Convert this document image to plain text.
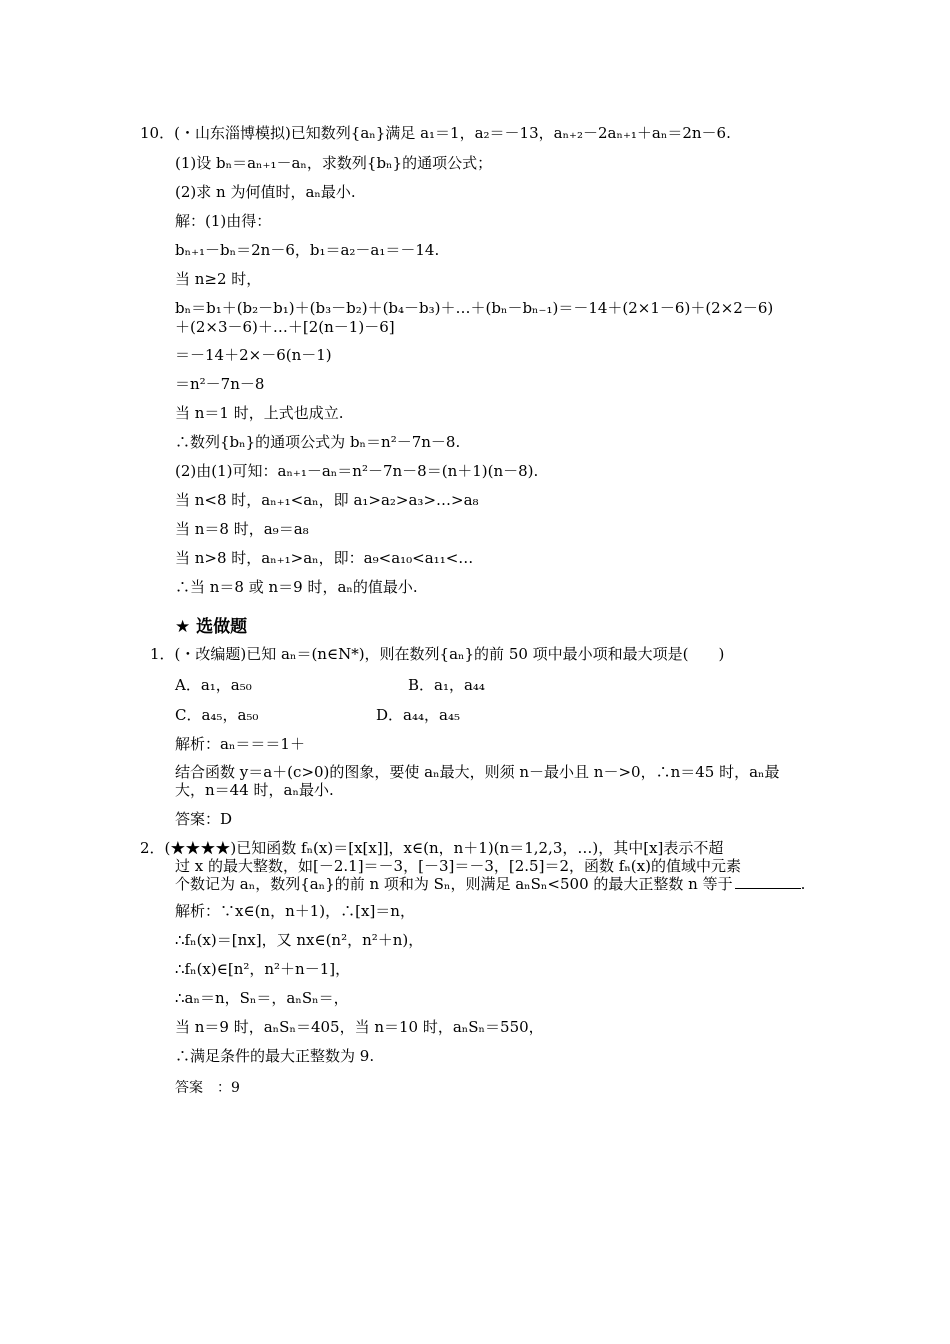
10．(・山东淄博模拟)已知数列{aₙ}满足 a₁＝1，a₂＝－13，aₙ₊₂－2aₙ₊₁＋aₙ＝2n－6.
(1)设 bₙ＝aₙ₊₁－aₙ，求数列{bₙ}的通项公式；
(2)求 n 为何值时，aₙ最小.
解：(1)由得：
bₙ₊₁－bₙ＝2n－6，b₁＝a₂－a₁＝－14.
当 n≥2 时，
bₙ＝b₁＋(b₂－b₁)＋(b₃－b₂)＋(b₄－b₃)＋…＋(bₙ－bₙ₋₁)＝－14＋(2×1－6)＋(2×2－6)
＋(2×3－6)＋…＋[2(n－1)－6]
＝－14＋2×－6(n－1)
＝n²－7n－8
当 n＝1 时，上式也成立.
∴数列{bₙ}的通项公式为 bₙ＝n²－7n－8.
(2)由(1)可知：aₙ₊₁－aₙ＝n²－7n－8＝(n＋1)(n－8).
当 n<8 时，aₙ₊₁<aₙ，即 a₁>a₂>a₃>…>a₈
当 n＝8 时，a₉＝a₈
当 n>8 时，aₙ₊₁>aₙ，即：a₉<a₁₀<a₁₁<…
∴当 n＝8 或 n＝9 时，aₙ的值最小.
★ 选做题
1．(・改编题)已知 aₙ＝(n∈N*)，则在数列{aₙ}的前 50 项中最小项和最大项是(　　)
A．a₁，a₅₀	B．a₁，a₄₄
C．a₄₅，a₅₀	D．a₄₄，a₄₅
解析：aₙ＝＝＝1＋
结合函数 y＝a＋(c>0)的图象，要使 aₙ最大，则须 n－最小且 n－>0，∴n＝45 时，aₙ最
大，n＝44 时，aₙ最小.
答案：D
2．(★★★★)已知函数 fₙ(x)＝[x[x]]，x∈(n，n＋1)(n＝1,2,3，…)，其中[x]表示不超
过 x 的最大整数，如[－2.1]＝－3，[－3]＝－3，[2.5]＝2，函数 fₙ(x)的值域中元素
个数记为 aₙ，数列{aₙ}的前 n 项和为 Sₙ，则满足 aₙSₙ<500 的最大正整数 n 等于	.
解析：∵x∈(n，n＋1)，∴[x]＝n，
∴fₙ(x)＝[nx]，又 nx∈(n²，n²＋n)，
∴fₙ(x)∈[n²，n²＋n－1]，
∴aₙ＝n，Sₙ＝，aₙSₙ＝，
当 n＝9 时，aₙSₙ＝405，当 n＝10 时，aₙSₙ＝550，
∴满足条件的最大正整数为 9.
答案　：9
